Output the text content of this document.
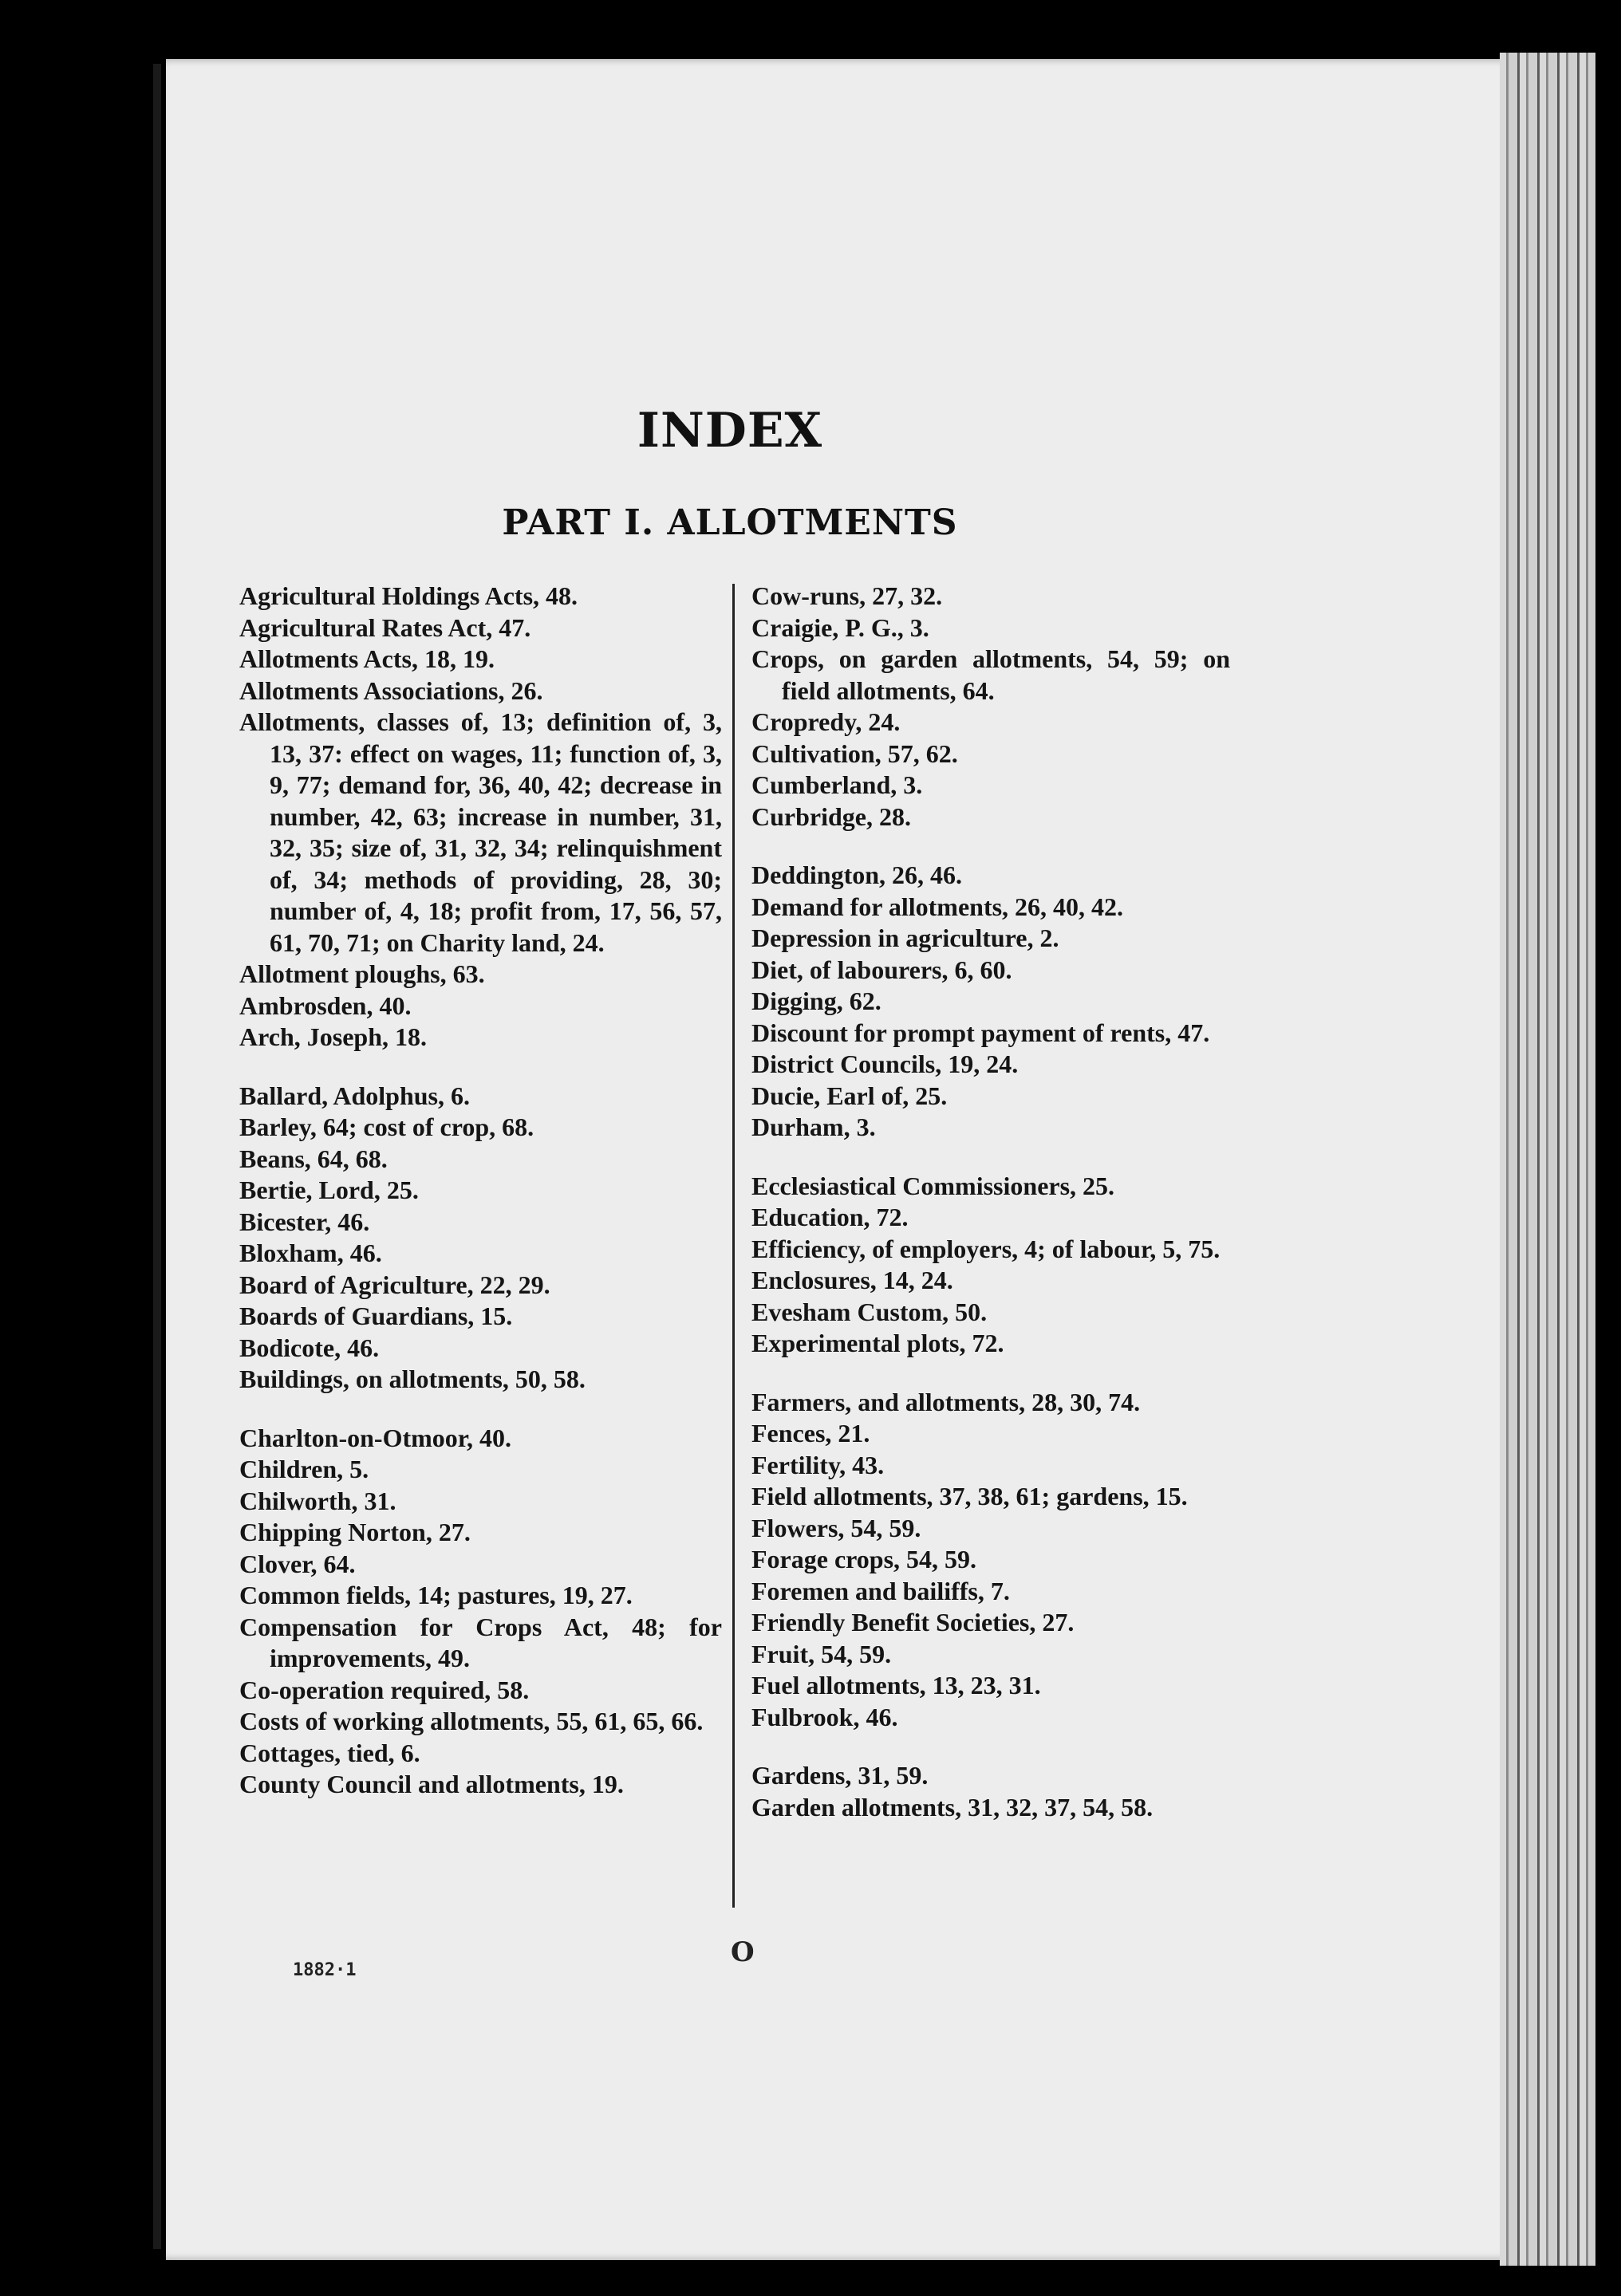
INDEX
PART I. ALLOTMENTS

Agricultural Holdings Acts, 48.

Agricultural Rates Act, 47.

Allotments Acts, 18, 19.

Allotments Associations, 26.

Allotments, classes of, 13; definition of, 3, 13, 37: effect on wages, 11; function of, 3, 9, 77; demand for, 36, 40, 42; decrease in number, 42, 63; increase in number, 31, 32, 35; size of, 31, 32, 34; relinquishment of, 34; methods of providing, 28, 30; number of, 4, 18; profit from, 17, 56, 57, 61, 70, 71; on Charity land, 24.

Allotment ploughs, 63.

Ambrosden, 40.

Arch, Joseph, 18.

Ballard, Adolphus, 6.

Barley, 64; cost of crop, 68.

Beans, 64, 68.

Bertie, Lord, 25.

Bicester, 46.

Bloxham, 46.

Board of Agriculture, 22, 29.

Boards of Guardians, 15.

Bodicote, 46.

Buildings, on allotments, 50, 58.

Charlton-on-Otmoor, 40.

Children, 5.

Chilworth, 31.

Chipping Norton, 27.

Clover, 64.

Common fields, 14; pastures, 19, 27.

Compensation for Crops Act, 48; for improvements, 49.

Co-operation required, 58.

Costs of working allotments, 55, 61, 65, 66.

Cottages, tied, 6.

County Council and allotments, 19.

Cow-runs, 27, 32.

Craigie, P. G., 3.

Crops, on garden allotments, 54, 59; on field allotments, 64.

Cropredy, 24.

Cultivation, 57, 62.

Cumberland, 3.

Curbridge, 28.

Deddington, 26, 46.

Demand for allotments, 26, 40, 42.

Depression in agriculture, 2.

Diet, of labourers, 6, 60.

Digging, 62.

Discount for prompt payment of rents, 47.

District Councils, 19, 24.

Ducie, Earl of, 25.

Durham, 3.

Ecclesiastical Commissioners, 25.

Education, 72.

Efficiency, of employers, 4; of labour, 5, 75.

Enclosures, 14, 24.

Evesham Custom, 50.

Experimental plots, 72.

Farmers, and allotments, 28, 30, 74.

Fences, 21.

Fertility, 43.

Field allotments, 37, 38, 61; gardens, 15.

Flowers, 54, 59.

Forage crops, 54, 59.

Foremen and bailiffs, 7.

Friendly Benefit Societies, 27.

Fruit, 54, 59.

Fuel allotments, 13, 23, 31.

Fulbrook, 46.

Gardens, 31, 59.

Garden allotments, 31, 32, 37, 54, 58.

1882·1
O
